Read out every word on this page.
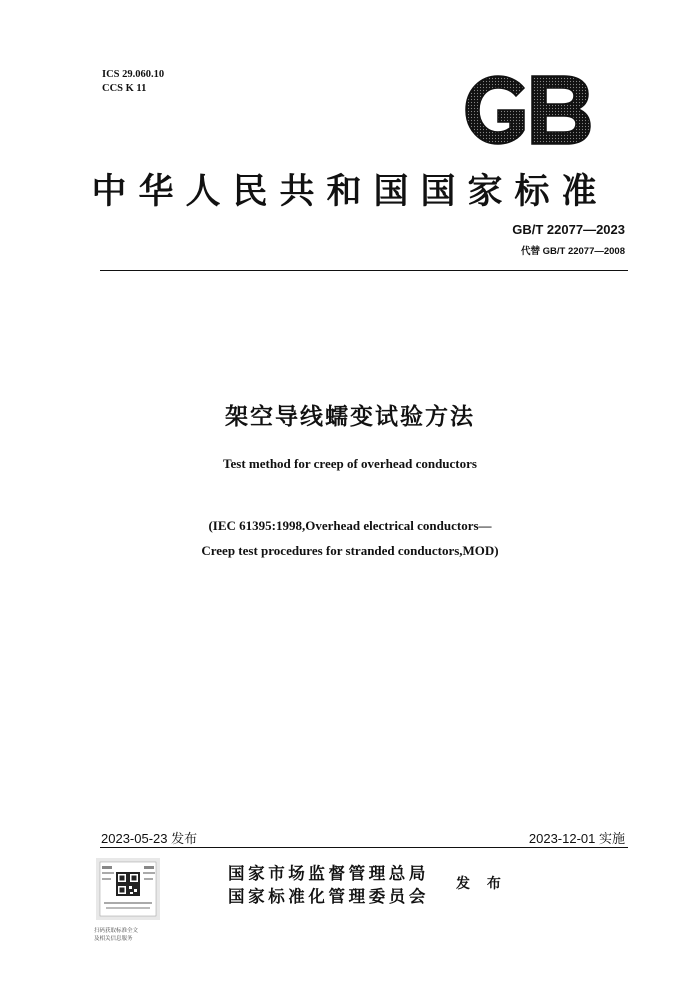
ICS 29.060.10
CCS K 11
中华人民共和国国家标准
GB/T 22077—2023
代替 GB/T 22077—2008
架空导线蠕变试验方法
Test method for creep of overhead conductors
(IEC 61395:1998,Overhead electrical conductors—
Creep test procedures for stranded conductors,MOD)
2023-05-23 发布	2023-12-01 实施
扫码获取标准全文
及相关信息服务
国家市场监督管理总局
国家标准化管理委员会
发 布
